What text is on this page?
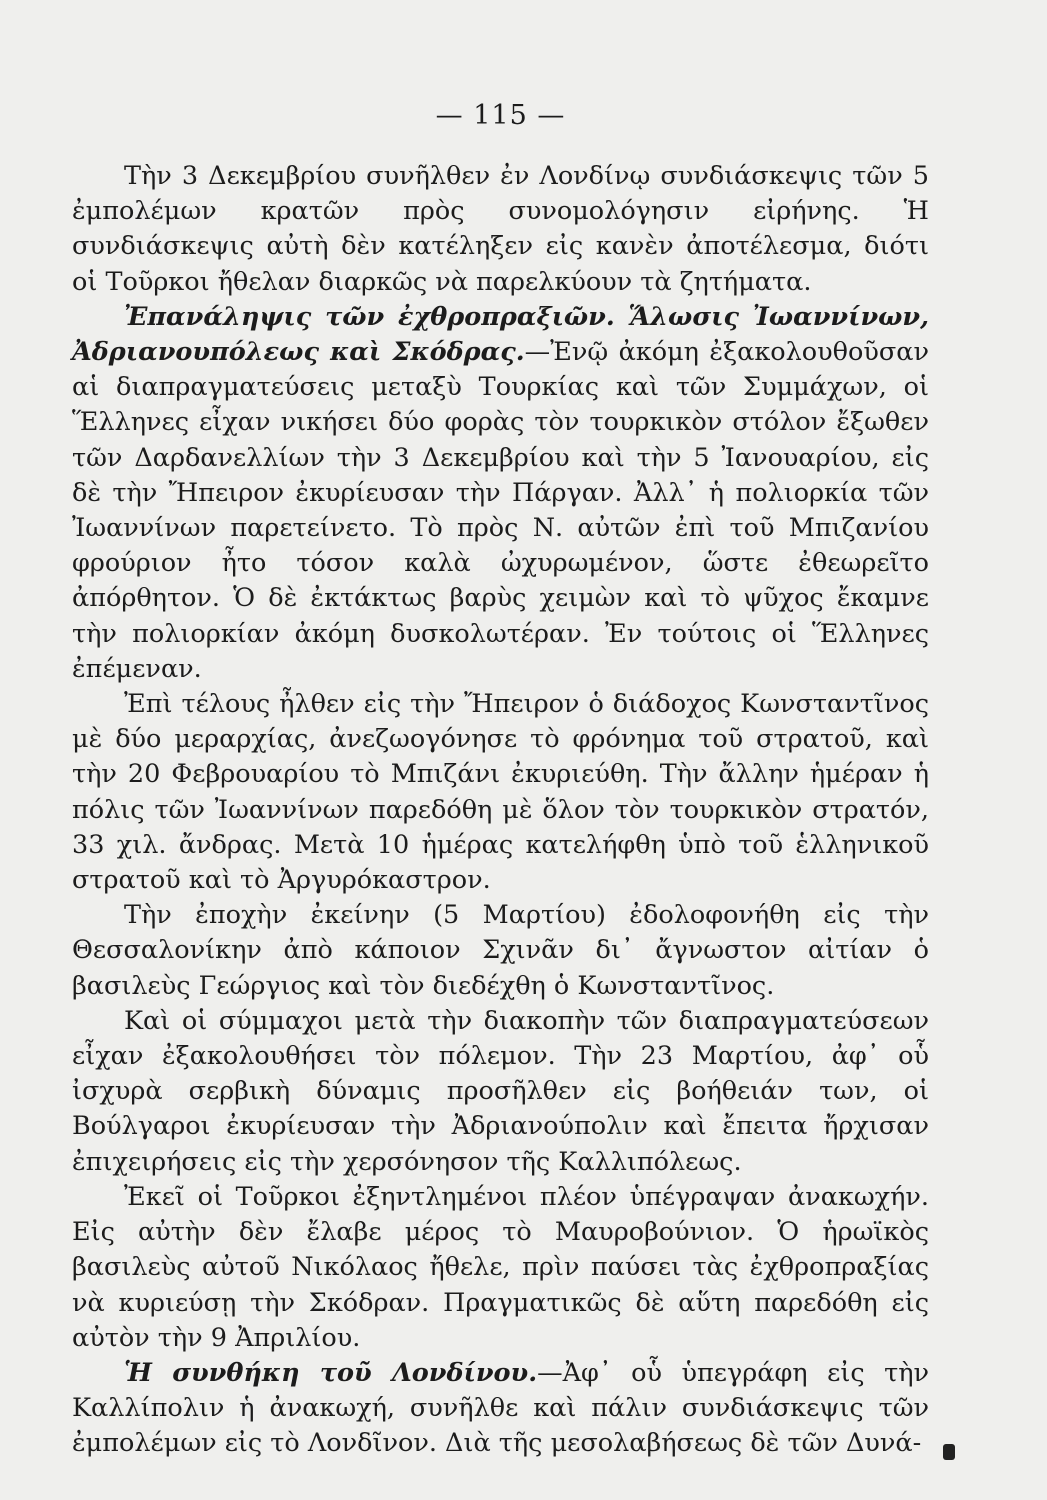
— 115 —

Τὴν 3 Δεκεμβρίου συνῆλθεν ἐν Λονδίνῳ συνδιάσκεψις τῶν 5 ἐμπολέμων κρατῶν πρὸς συνομολόγησιν εἰρήνης. Ἡ συνδιάσκεψις αὐτὴ δὲν κατέληξεν εἰς κανὲν ἀποτέλεσμα, διότι οἱ Τοῦρκοι ἤθελαν διαρκῶς νὰ παρελκύουν τὰ ζητήματα.

Ἐπανάληψις τῶν ἐχθροπραξιῶν. Ἅλωσις Ἰωαννίνων, Ἀδριανουπόλεως καὶ Σκόδρας.—Ἐνῷ ἀκόμη ἐξακολουθοῦσαν αἱ διαπραγματεύσεις μεταξὺ Τουρκίας καὶ τῶν Συμμάχων, οἱ Ἕλληνες εἶχαν νικήσει δύο φορὰς τὸν τουρκικὸν στόλον ἔξωθεν τῶν Δαρδανελλίων τὴν 3 Δεκεμβρίου καὶ τὴν 5 Ἰανουαρίου, εἰς δὲ τὴν Ἤπειρον ἐκυρίευσαν τὴν Πάργαν. Ἀλλ᾽ ἡ πολιορκία τῶν Ἰωαννίνων παρετείνετο. Τὸ πρὸς Ν. αὐτῶν ἐπὶ τοῦ Μπιζανίου φρούριον ἦτο τόσον καλὰ ὠχυρωμένον, ὥστε ἐθεωρεῖτο ἀπόρθητον. Ὁ δὲ ἐκτάκτως βαρὺς χειμὼν καὶ τὸ ψῦχος ἔκαμνε τὴν πολιορκίαν ἀκόμη δυσκολωτέραν. Ἐν τούτοις οἱ Ἕλληνες ἐπέμεναν.

Ἐπὶ τέλους ἦλθεν εἰς τὴν Ἤπειρον ὁ διάδοχος Κωνσταντῖνος μὲ δύο μεραρχίας, ἀνεζωογόνησε τὸ φρόνημα τοῦ στρατοῦ, καὶ τὴν 20 Φεβρουαρίου τὸ Μπιζάνι ἐκυριεύθη. Τὴν ἄλλην ἡμέραν ἡ πόλις τῶν Ἰωαννίνων παρεδόθη μὲ ὅλον τὸν τουρκικὸν στρατόν, 33 χιλ. ἄνδρας. Μετὰ 10 ἡμέρας κατελήφθη ὑπὸ τοῦ ἑλληνικοῦ στρατοῦ καὶ τὸ Ἀργυρόκαστρον.

Τὴν ἐποχὴν ἐκείνην (5 Μαρτίου) ἐδολοφονήθη εἰς τὴν Θεσσαλονίκην ἀπὸ κάποιον Σχινᾶν δι᾽ ἄγνωστον αἰτίαν ὁ βασιλεὺς Γεώργιος καὶ τὸν διεδέχθη ὁ Κωνσταντῖνος.

Καὶ οἱ σύμμαχοι μετὰ τὴν διακοπὴν τῶν διαπραγματεύσεων εἶχαν ἐξακολουθήσει τὸν πόλεμον. Τὴν 23 Μαρτίου, ἀφ᾽ οὗ ἰσχυρὰ σερβικὴ δύναμις προσῆλθεν εἰς βοήθειάν των, οἱ Βούλγαροι ἐκυρίευσαν τὴν Ἀδριανούπολιν καὶ ἔπειτα ἤρχισαν ἐπιχειρήσεις εἰς τὴν χερσόνησον τῆς Καλλιπόλεως.

Ἐκεῖ οἱ Τοῦρκοι ἐξηντλημένοι πλέον ὑπέγραψαν ἀνακωχήν. Εἰς αὐτὴν δὲν ἔλαβε μέρος τὸ Μαυροβούνιον. Ὁ ἡρωϊκὸς βασιλεὺς αὐτοῦ Νικόλαος ἤθελε, πρὶν παύσει τὰς ἐχθροπραξίας νὰ κυριεύσῃ τὴν Σκόδραν. Πραγματικῶς δὲ αὕτη παρεδόθη εἰς αὐτὸν τὴν 9 Ἀπριλίου.

Ἡ συνθήκη τοῦ Λονδίνου.—Ἀφ᾽ οὗ ὑπεγράφη εἰς τὴν Καλλίπολιν ἡ ἀνακωχή, συνῆλθε καὶ πάλιν συνδιάσκεψις τῶν ἐμπολέμων εἰς τὸ Λονδῖνον. Διὰ τῆς μεσολαβήσεως δὲ τῶν Δυνά-
